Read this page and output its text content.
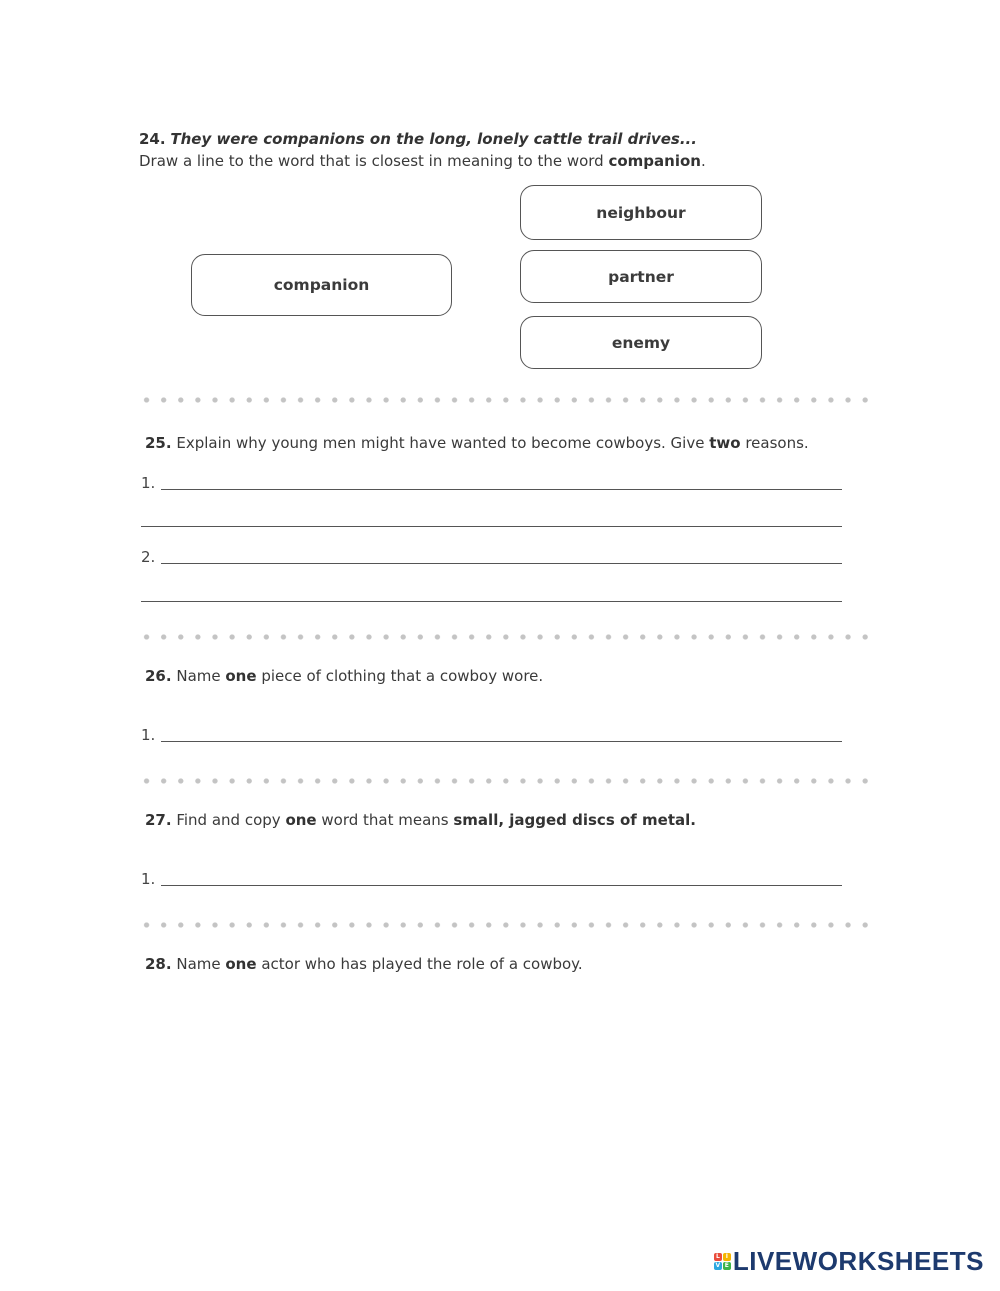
24. They were companions on the long, lonely cattle trail drives...
Draw a line to the word that is closest in meaning to the word companion.
companion
neighbour
partner
enemy
25. Explain why young men might have wanted to become cowboys. Give two reasons.
1.
2.
26. Name one piece of clothing that a cowboy wore.
1.
27. Find and copy one word that means small, jagged discs of metal.
1.
28. Name one actor who has played the role of a cowboy.
L I
V E LIVEWORKSHEETS
